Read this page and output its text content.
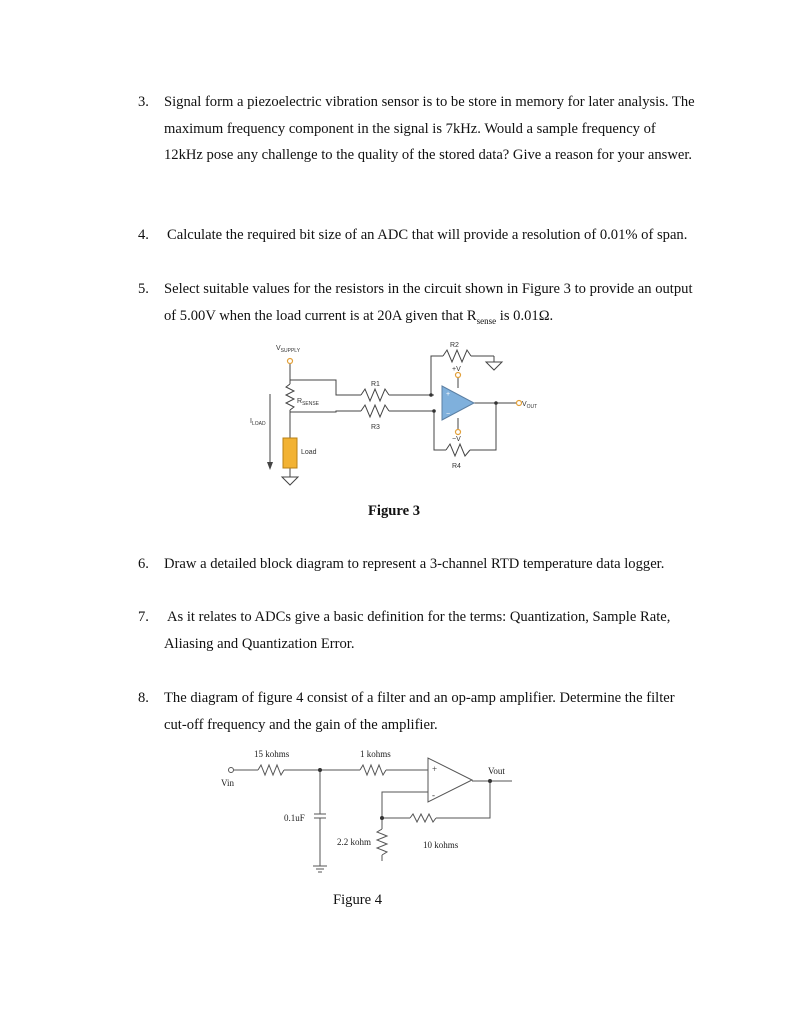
3.	Signal form a piezoelectric vibration sensor is to be store in memory for later analysis. The maximum frequency component in the signal is 7kHz. Would a sample frequency of 12kHz pose any challenge to the quality of the stored data? Give a reason for your answer.
4.	Calculate the required bit size of an ADC that will provide a resolution of 0.01% of span.
5.	Select suitable values for the resistors in the circuit shown in Figure 3 to provide an output of 5.00V when the load current is at 20A given that $R_{sense}$ is 0.01Ω.
+
−
$V_{SUPPLY}$
$R_{SENSE}$
$I_{LOAD}$
Load
R1
R2
R3
R4
+V
−V
$V_{OUT}$
Figure 3
6.	Draw a detailed block diagram to represent a 3-channel RTD temperature data logger.
7.	As it relates to ADCs give a basic definition for the terms: Quantization, Sample Rate, Aliasing and Quantization Error.
8.	The diagram of figure 4 consist of a filter and an op-amp amplifier. Determine the filter cut-off frequency and the gain of the amplifier.
+
-
15 kohms	1 kohms
Vin
Vout
0.1uF
2.2 kohm	10 kohms
Figure 4
